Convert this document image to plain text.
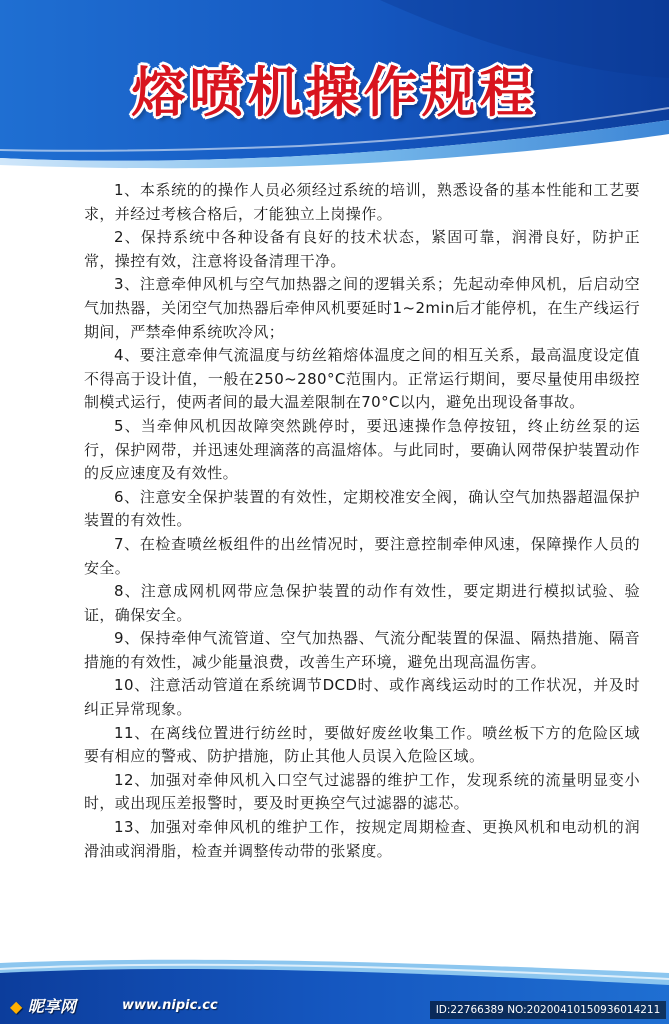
熔喷机操作规程

1、本系统的的操作人员必须经过系统的培训，熟悉设备的基本性能和工艺要求，并经过考核合格后，才能独立上岗操作。

2、保持系统中各种设备有良好的技术状态，紧固可靠，润滑良好，防护正常，操控有效，注意将设备清理干净。

3、注意牵伸风机与空气加热器之间的逻辑关系；先起动牵伸风机，后启动空气加热器，关闭空气加热器后牵伸风机要延时1~2min后才能停机，在生产线运行期间，严禁牵伸系统吹冷风；

4、要注意牵伸气流温度与纺丝箱熔体温度之间的相互关系，最高温度设定值不得高于设计值，一般在250~280°C范围内。正常运行期间，要尽量使用串级控制模式运行，使两者间的最大温差限制在70°C以内，避免出现设备事故。

5、当牵伸风机因故障突然跳停时，要迅速操作急停按钮，终止纺丝泵的运行，保护网带，并迅速处理滴落的高温熔体。与此同时，要确认网带保护装置动作的反应速度及有效性。

6、注意安全保护装置的有效性，定期校准安全阀，确认空气加热器超温保护装置的有效性。

7、在检查喷丝板组件的出丝情况时，要注意控制牵伸风速，保障操作人员的安全。

8、注意成网机网带应急保护装置的动作有效性，要定期进行模拟试验、验证，确保安全。

9、保持牵伸气流管道、空气加热器、气流分配装置的保温、隔热措施、隔音措施的有效性，减少能量浪费，改善生产环境，避免出现高温伤害。

10、注意活动管道在系统调节DCD时、或作离线运动时的工作状况，并及时纠正异常现象。

11、在离线位置进行纺丝时，要做好废丝收集工作。喷丝板下方的危险区域要有相应的警戒、防护措施，防止其他人员误入危险区域。

12、加强对牵伸风机入口空气过滤器的维护工作，发现系统的流量明显变小时，或出现压差报警时，要及时更换空气过滤器的滤芯。

13、加强对牵伸风机的维护工作，按规定周期检查、更换风机和电动机的润滑油或润滑脂，检查并调整传动带的张紧度。

◆ 昵享网	www.nipic.cc	ID:22766389 NO:20200410150936014211
